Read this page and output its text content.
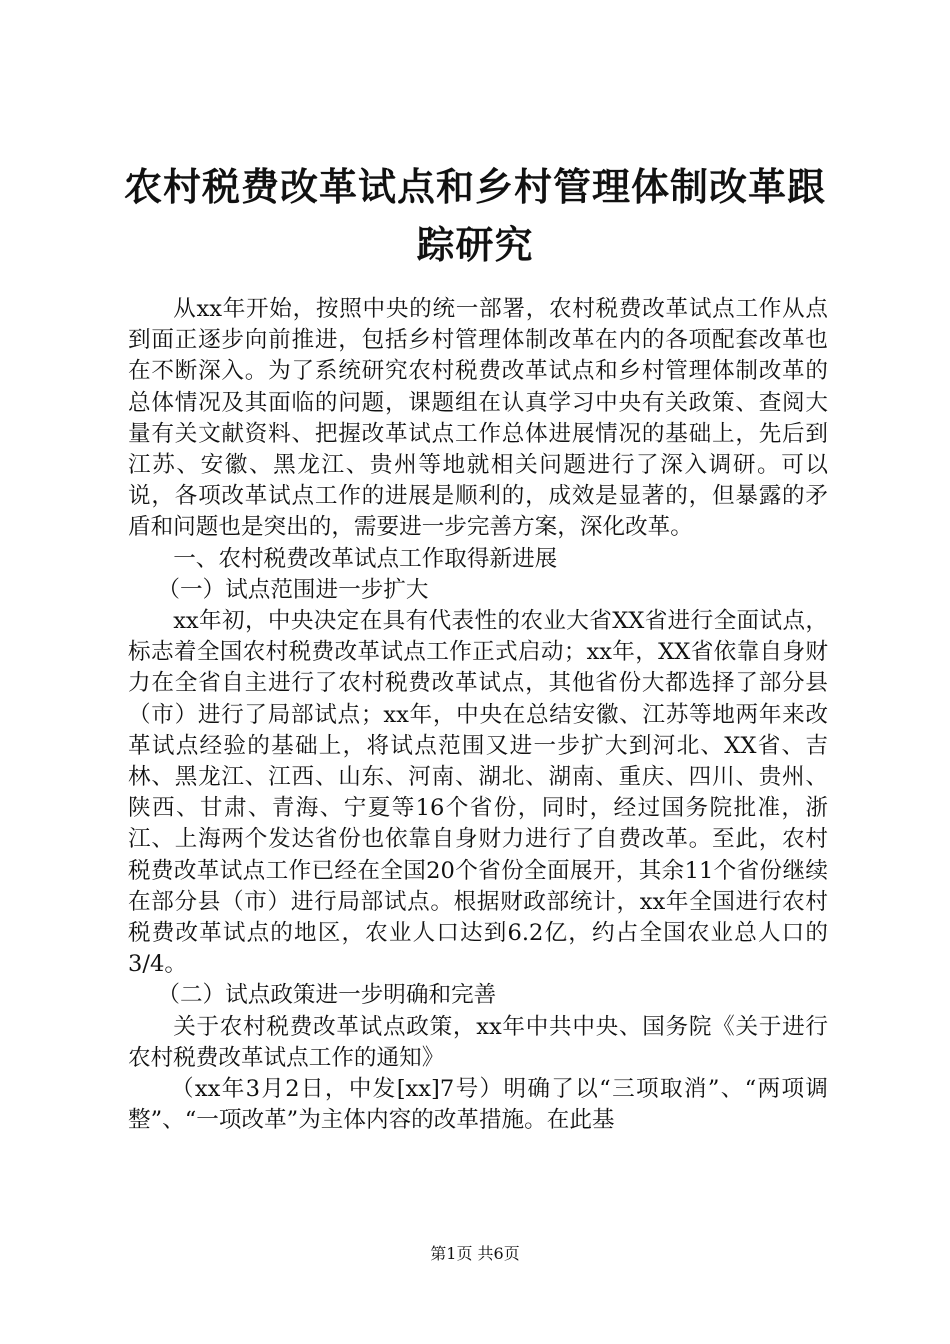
农村税费改革试点和乡村管理体制改革跟踪研究

从xx年开始，按照中央的统一部署，农村税费改革试点工作从点到面正逐步向前推进，包括乡村管理体制改革在内的各项配套改革也在不断深入。为了系统研究农村税费改革试点和乡村管理体制改革的总体情况及其面临的问题，课题组在认真学习中央有关政策、查阅大量有关文献资料、把握改革试点工作总体进展情况的基础上，先后到江苏、安徽、黑龙江、贵州等地就相关问题进行了深入调研。可以说，各项改革试点工作的进展是顺利的，成效是显著的，但暴露的矛盾和问题也是突出的，需要进一步完善方案，深化改革。

一、农村税费改革试点工作取得新进展

（一）试点范围进一步扩大

xx年初，中央决定在具有代表性的农业大省XX省进行全面试点，标志着全国农村税费改革试点工作正式启动；xx年，XX省依靠自身财力在全省自主进行了农村税费改革试点，其他省份大都选择了部分县（市）进行了局部试点；xx年，中央在总结安徽、江苏等地两年来改革试点经验的基础上，将试点范围又进一步扩大到河北、XX省、吉林、黑龙江、江西、山东、河南、湖北、湖南、重庆、四川、贵州、陕西、甘肃、青海、宁夏等16个省份，同时，经过国务院批准，浙江、上海两个发达省份也依靠自身财力进行了自费改革。至此，农村税费改革试点工作已经在全国20个省份全面展开，其余11个省份继续在部分县（市）进行局部试点。根据财政部统计，xx年全国进行农村税费改革试点的地区，农业人口达到6.2亿，约占全国农业总人口的3/4。

（二）试点政策进一步明确和完善

关于农村税费改革试点政策，xx年中共中央、国务院《关于进行农村税费改革试点工作的通知》

（xx年3月2日，中发[xx]7号）明确了以“三项取消”、“两项调整”、“一项改革”为主体内容的改革措施。在此基

第1页 共6页
